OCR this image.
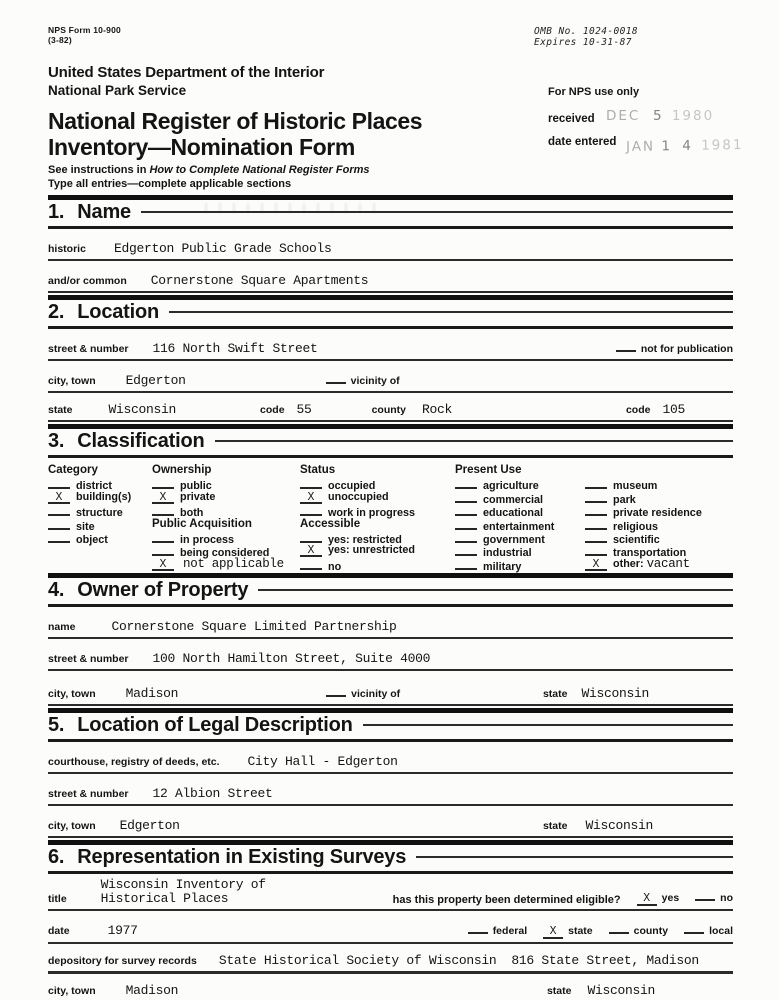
NPS Form 10-900
(3-82)
OMB No. 1024-0018
Expires 10-31-87
United States Department of the Interior
National Park Service	For NPS use only
received
date entered
DEC 5 1980
JAN 1 4 1981
National Register of Historic Places
Inventory—Nomination Form
See instructions in How to Complete National Register Forms
Type all entries—complete applicable sections
1. Name
historic Edgerton Public Grade Schools
and/or common Cornerstone Square Apartments
2. Location
street & number 116 North Swift Street	not for publication
city, town Edgerton	vicinity of
state	Wisconsin	code 55	county Rock	code 105
3. Classification
Category
district
X	building(s)
structure
site
object
Ownership
public
X	private
both
Public Acquisition
in process
being considered
X	not applicable
Status
occupied
X	unoccupied
work in progress
Accessible
yes: restricted
X	yes: unrestricted
no
Present Use
agriculture
commercial
educational
entertainment
government
industrial
military

museum
park
private residence
religious
scientific
transportation
X	other: vacant
4. Owner of Property
name	Cornerstone Square Limited Partnership
street & number 100 North Hamilton Street, Suite 4000
city, town Madison	vicinity of	state Wisconsin
5. Location of Legal Description
courthouse, registry of deeds, etc. City Hall - Edgerton
street & number 12 Albion Street
city, town Edgerton	state Wisconsin
6. Representation in Existing Surveys
title
Wisconsin Inventory of
Historical Places	has this property been determined eligible?	X yes	no
date	1977	federal X state	county	local
depository for survey records State Historical Society of Wisconsin  816 State Street, Madison
city, town Madison	state Wisconsin
